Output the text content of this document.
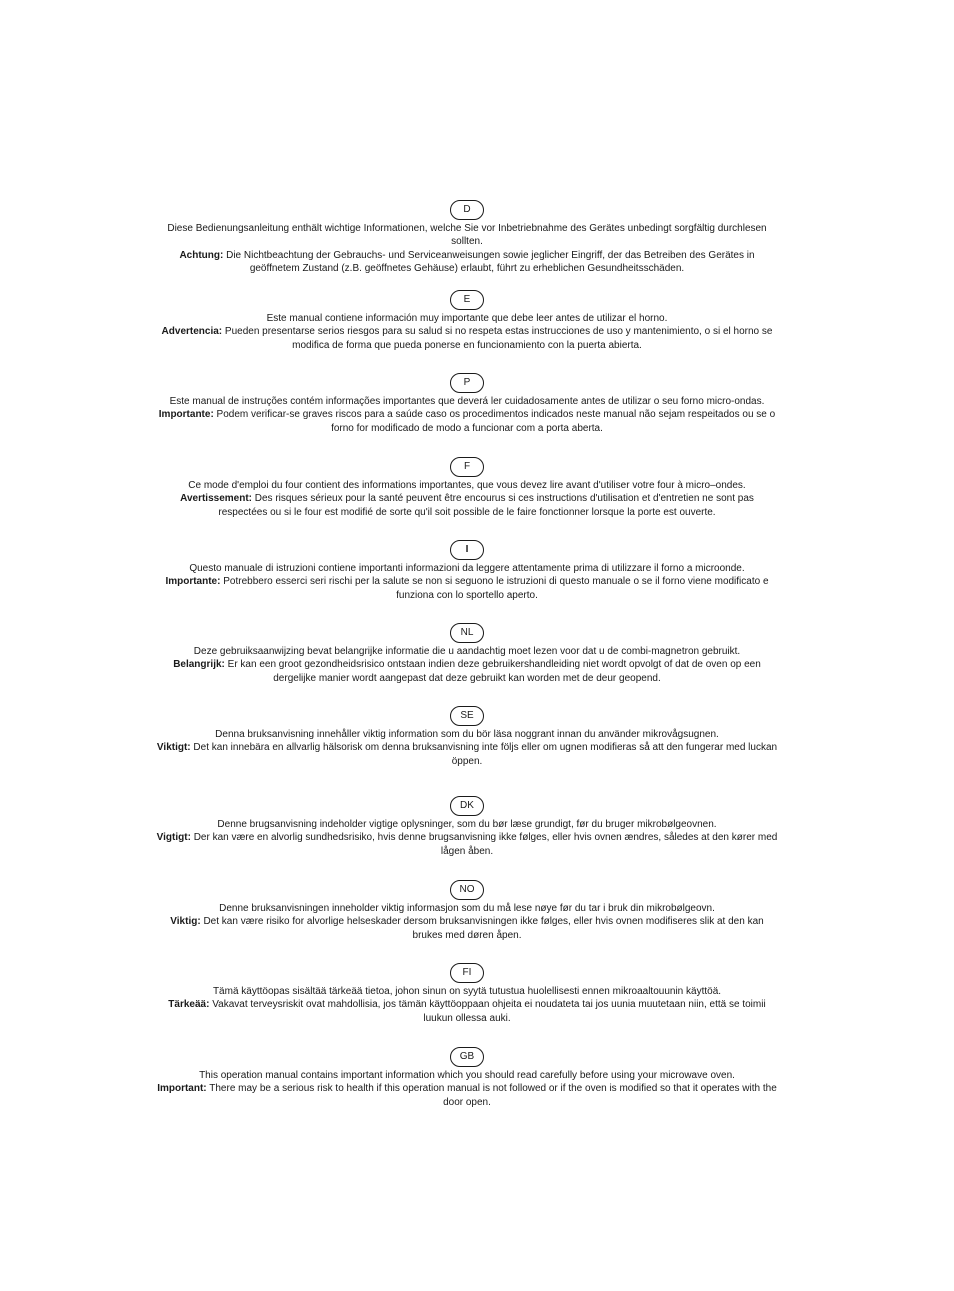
D
Diese Bedienungsanleitung enthält wichtige Informationen, welche Sie vor Inbetriebnahme des Gerätes unbedingt sorgfältig durchlesen sollten.
Achtung: Die Nichtbeachtung der Gebrauchs- und Serviceanweisungen sowie jeglicher Eingriff, der das Betreiben des Gerätes in geöffnetem Zustand (z.B. geöffnetes Gehäuse) erlaubt, führt zu erheblichen Gesundheitsschäden.
E
Este manual contiene información muy importante que debe leer antes de utilizar el horno.
Advertencia: Pueden presentarse serios riesgos para su salud si no respeta estas instrucciones de uso y mantenimiento, o si el horno se modifica de forma que pueda ponerse en funcionamiento con la puerta abierta.
P
Este manual de instruções contém informações importantes que deverá ler cuidadosamente antes de utilizar o seu forno micro-ondas.
Importante: Podem verificar-se graves riscos para a saúde caso os procedimentos indicados neste manual não sejam respeitados ou se o forno for modificado de modo a funcionar com a porta aberta.
F
Ce mode d'emploi du four contient des informations importantes, que vous devez lire avant d'utiliser votre four à micro–ondes.
Avertissement: Des risques sérieux pour la santé peuvent être encourus si ces instructions d'utilisation et d'entretien ne sont pas respectées ou si le four est modifié de sorte qu'il soit possible de le faire fonctionner lorsque la porte est ouverte.
I
Questo manuale di istruzioni contiene importanti informazioni da leggere attentamente prima di utilizzare il forno a microonde.
Importante: Potrebbero esserci seri rischi per la salute se non si seguono le istruzioni di questo manuale o se il forno viene modificato e funziona con lo sportello aperto.
NL
Deze gebruiksaanwijzing bevat belangrijke informatie die u aandachtig moet lezen voor dat u de combi-magnetron gebruikt.
Belangrijk: Er kan een groot gezondheidsrisico ontstaan indien deze gebruikershandleiding niet wordt opvolgt of dat de oven op een dergelijke manier wordt aangepast dat deze gebruikt kan worden met de deur geopend.
SE
Denna bruksanvisning innehåller viktig information som du bör läsa noggrant innan du använder mikrovågsugnen.
Viktigt: Det kan innebära en allvarlig hälsorisk om denna bruksanvisning inte följs eller om ugnen modifieras så att den fungerar med luckan öppen.
DK
Denne brugsanvisning indeholder vigtige oplysninger, som du bør læse grundigt, før du bruger mikrobølgeovnen.
Vigtigt: Der kan være en alvorlig sundhedsrisiko, hvis denne brugsanvisning ikke følges, eller hvis ovnen ændres, således at den kører med lågen åben.
NO
Denne bruksanvisningen inneholder viktig informasjon som du må lese nøye før du tar i bruk din mikrobølgeovn.
Viktig: Det kan være risiko for alvorlige helseskader dersom bruksanvisningen ikke følges, eller hvis ovnen modifiseres slik at den kan brukes med døren åpen.
FI
Tämä käyttöopas sisältää tärkeää tietoa, johon sinun on syytä tutustua huolellisesti ennen mikroaaltouunin käyttöä.
Tärkeää: Vakavat terveysriskit ovat mahdollisia, jos tämän käyttöoppaan ohjeita ei noudateta tai jos uunia muutetaan niin, että se toimii luukun ollessa auki.
GB
This operation manual contains important information which you should read carefully before using your microwave oven.
Important: There may be a serious risk to health if this operation manual is not followed or if the oven is modified so that it operates with the door open.
